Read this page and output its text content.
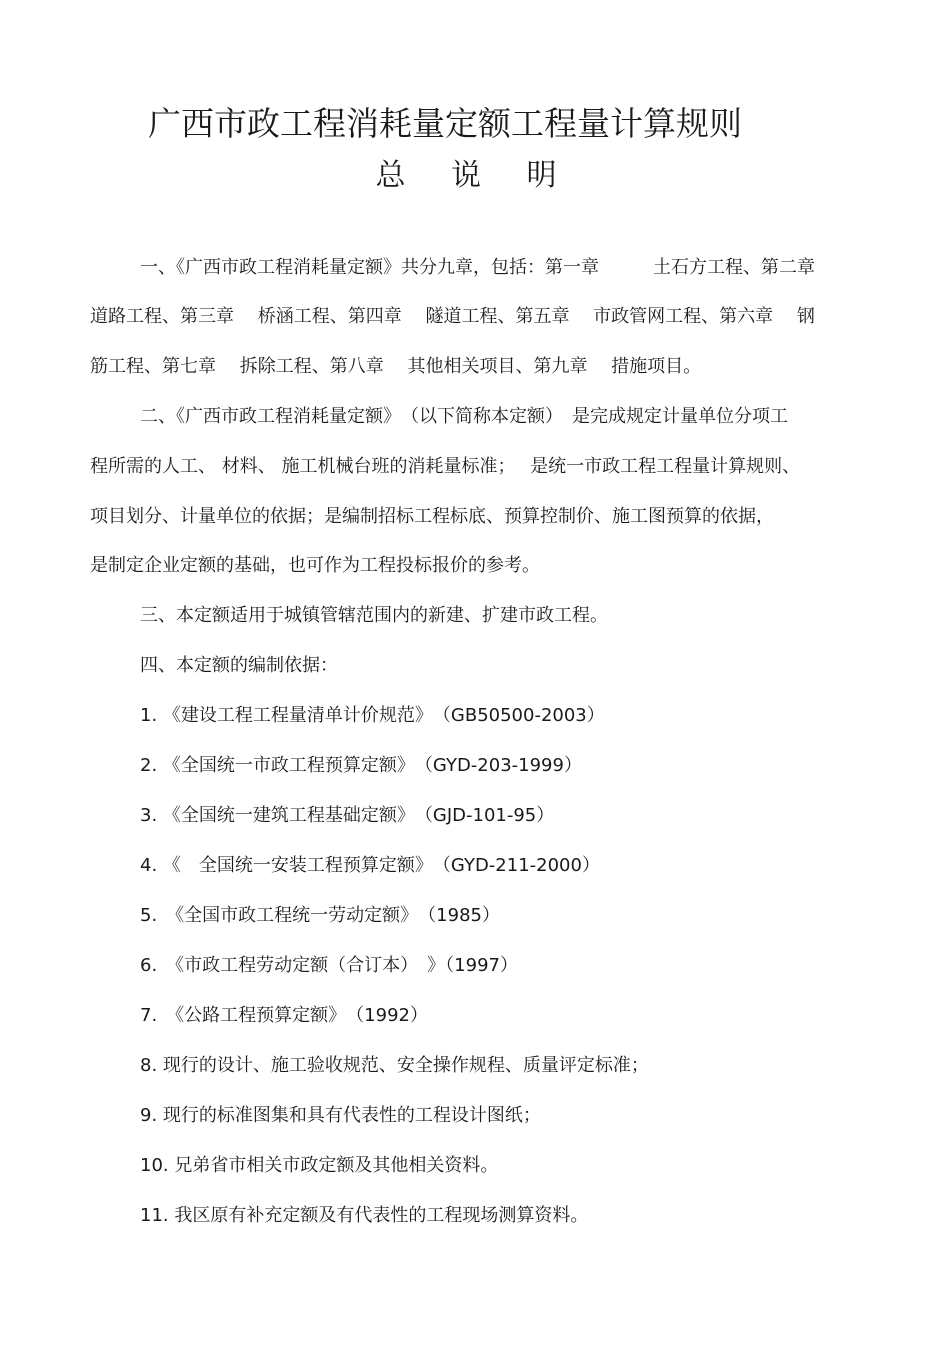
广西市政工程消耗量定额工程量计算规则
总 说 明
一、《广西市政工程消耗量定额》共分九章，包括：第一章　　　土石方工程、第二章
道路工程、第三章　 桥涵工程、第四章　 隧道工程、第五章　 市政管网工程、第六章　 钢
筋工程、第七章　 拆除工程、第八章　 其他相关项目、第九章　 措施项目。
二、《广西市政工程消耗量定额》　（以下简称本定额）　是完成规定计量单位分项工
程所需的人工、 材料、 施工机械台班的消耗量标准；　 是统一市政工程工程量计算规则、
项目划分、计量单位的依据；是编制招标工程标底、预算控制价、施工图预算的依据，
是制定企业定额的基础，也可作为工程投标报价的参考。
三、本定额适用于城镇管辖范围内的新建、扩建市政工程。
四、本定额的编制依据：
1. 《建设工程工程量清单计价规范》　（GB50500-2003）
2. 《全国统一市政工程预算定额》　（GYD-203-1999）
3. 《全国统一建筑工程基础定额》　（GJD-101-95）
4. 《　全国统一安装工程预算定额》　（GYD-211-2000）
5.　《全国市政工程统一劳动定额》　（1985）
6.　《市政工程劳动定额（合订本）　》（1997）
7.　《公路工程预算定额》　（1992）
8. 现行的设计、施工验收规范、安全操作规程、质量评定标准；
9. 现行的标准图集和具有代表性的工程设计图纸；
10. 兄弟省市相关市政定额及其他相关资料。
11. 我区原有补充定额及有代表性的工程现场测算资料。
